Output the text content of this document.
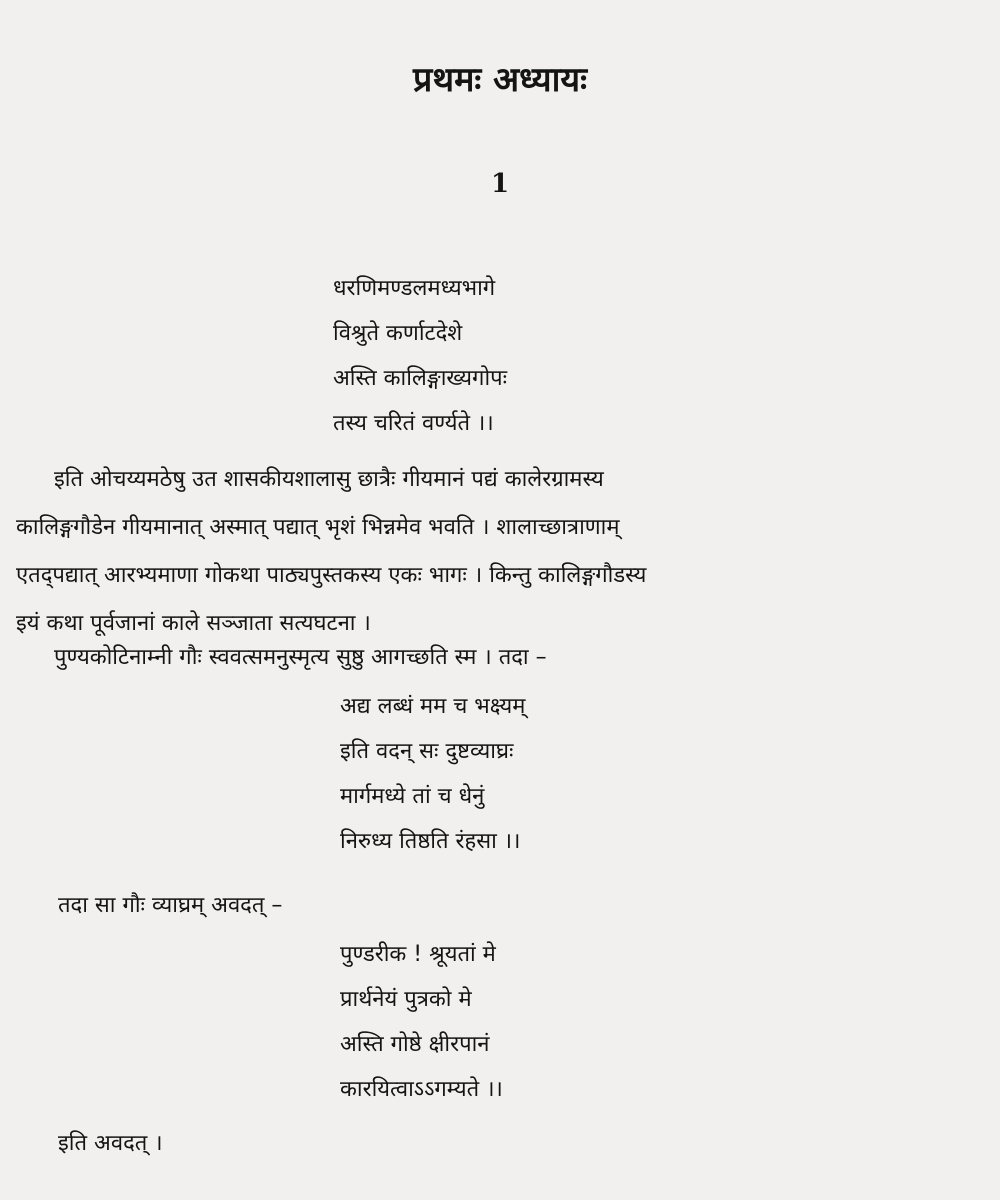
प्रथमः अध्यायः
1
धरणिमण्डलमध्यभागे
विश्रुते कर्णाटदेशे
अस्ति कालिङ्गाख्यगोपः
तस्य चरितं वर्ण्यते ।।
इति ओचय्यमठेषु उत शासकीयशालासु छात्रैः गीयमानं पद्यं कालेरग्रामस्य
कालिङ्गगौडेन गीयमानात् अस्मात् पद्यात् भृशं भिन्नमेव भवति । शालाच्छात्राणाम्
एतद्पद्यात् आरभ्यमाणा गोकथा पाठ्यपुस्तकस्य एकः भागः । किन्तु कालिङ्गगौडस्य
इयं कथा पूर्वजानां काले सञ्जाता सत्यघटना ।
पुण्यकोटिनाम्नी गौः स्ववत्समनुस्मृत्य सुष्ठु आगच्छति स्म । तदा –
अद्य लब्धं मम च भक्ष्यम्
इति वदन् सः दुष्टव्याघ्रः
मार्गमध्ये तां च धेनुं
निरुध्य तिष्ठति रंहसा ।।
तदा सा गौः व्याघ्रम् अवदत् –
पुण्डरीक ! श्रूयतां मे
प्रार्थनेयं पुत्रको मे
अस्ति गोष्ठे क्षीरपानं
कारयित्वाऽऽगम्यते ।।
इति अवदत् ।
